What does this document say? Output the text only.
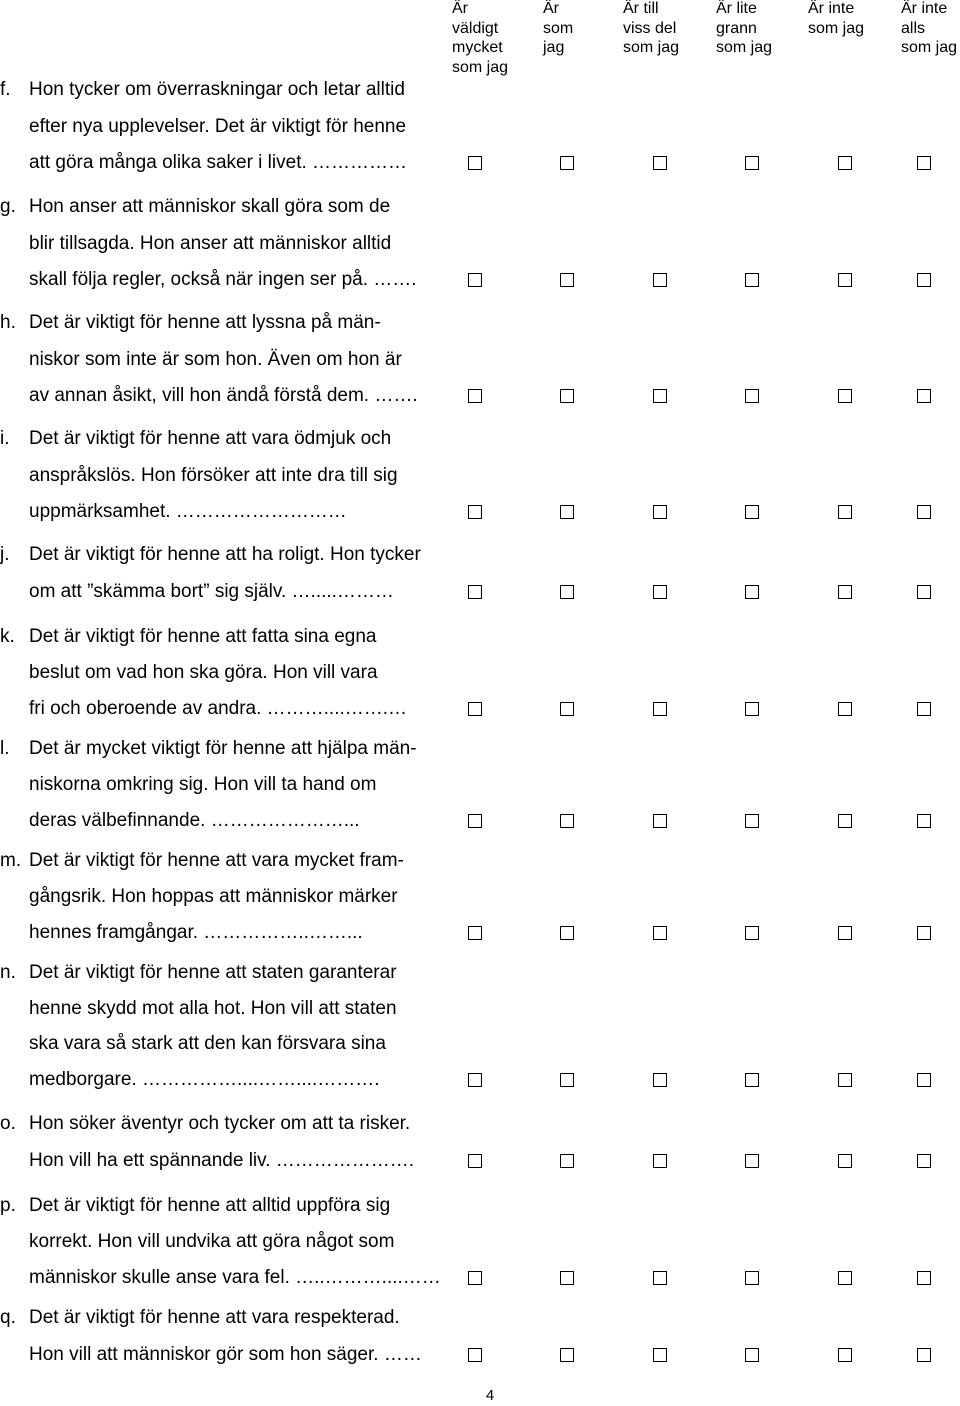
Är
väldigt
mycket
som jag
Är
som
jag
Är till
viss del
som jag
Är lite
grann
som jag
Är inte
som jag
Är inte
alls
som jag
f. Hon tycker om överraskningar och letar alltid
efter nya upplevelser. Det är viktigt för henne
att göra många olika saker i livet. ……………
g. Hon anser att människor skall göra som de
blir tillsagda. Hon anser att människor alltid
skall följa regler, också när ingen ser på. …….
h. Det är viktigt för henne att lyssna på män-
niskor som inte är som hon. Även om hon är
av annan åsikt, vill hon ändå förstå dem. …….
i. Det är viktigt för henne att vara ödmjuk och
anspråkslös. Hon försöker att inte dra till sig
uppmärksamhet. ………………………
j. Det är viktigt för henne att ha roligt. Hon tycker
om att ”skämma bort” sig själv. ….....………
k. Det är viktigt för henne att fatta sina egna
beslut om vad hon ska göra. Hon vill vara
fri och oberoende av andra. ………....…….…
l. Det är mycket viktigt för henne att hjälpa män-
niskorna omkring sig. Hon vill ta hand om
deras välbefinnande. …………………...
m. Det är viktigt för henne att vara mycket fram-
gångsrik. Hon hoppas att människor märker
hennes framgångar. ……………..……...
n. Det är viktigt för henne att staten garanterar
henne skydd mot alla hot. Hon vill att staten
ska vara så stark att den kan försvara sina
medborgare. ……………....……....……….
o. Hon söker äventyr och tycker om att ta risker.
Hon vill ha ett spännande liv. ………………….
p. Det är viktigt för henne att alltid uppföra sig
korrekt. Hon vill undvika att göra något som
människor skulle anse vara fel. …..………....……
q. Det är viktigt för henne att vara respekterad.
Hon vill att människor gör som hon säger. ……
4
